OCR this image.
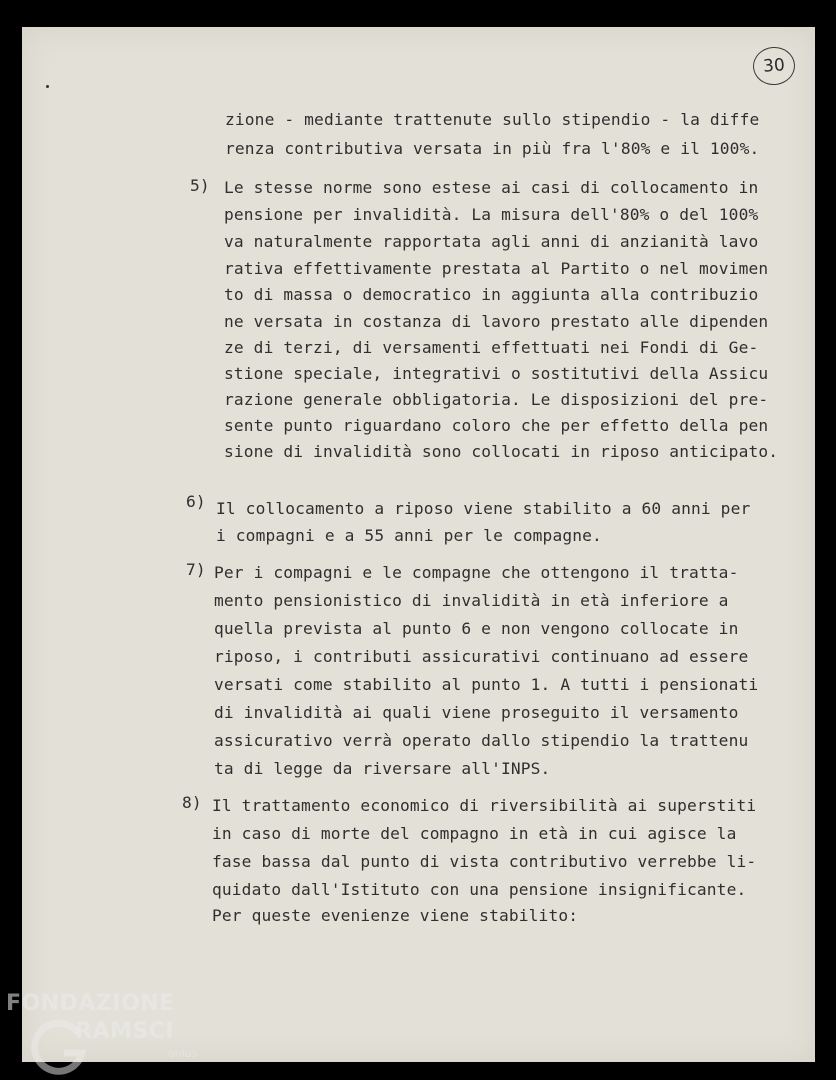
30
zione - mediante trattenute sullo stipendio - la diffe
renza contributiva versata in più fra l'80% e il 100%.
5) Le stesse norme sono estese ai casi di collocamento in
pensione per invalidità. La misura dell'80% o del 100%
va naturalmente rapportata agli anni di anzianità lavo
rativa effettivamente prestata al Partito o nel movimen
to di massa o democratico in aggiunta alla contribuzio
ne versata in costanza di lavoro prestato alle dipenden
ze di terzi, di versamenti effettuati nei Fondi di Ge-
stione speciale, integrativi o sostitutivi della Assicu
razione generale obbligatoria. Le disposizioni del pre-
sente punto riguardano coloro che per effetto della pen
sione di invalidità sono collocati in riposo anticipato.
6) Il collocamento a riposo viene stabilito a 60 anni per
i compagni e a 55 anni per le compagne.
7) Per i compagni e le compagne che ottengono il tratta-
mento pensionistico di invalidità in età inferiore a
quella prevista al punto 6 e non vengono collocate in
riposo, i contributi assicurativi continuano ad essere
versati come stabilito al punto 1. A tutti i pensionati
di invalidità ai quali viene proseguito il versamento
assicurativo verrà operato dallo stipendio la trattenu
ta di legge da riversare all'INPS.
8) Il trattamento economico di riversibilità ai superstiti
in caso di morte del compagno in età in cui agisce la
fase bassa dal punto di vista contributivo verrebbe li-
quidato dall'Istituto con una pensione insignificante.
Per queste evenienze viene stabilito:
FONDAZIONE
RAMSCI
onlus
